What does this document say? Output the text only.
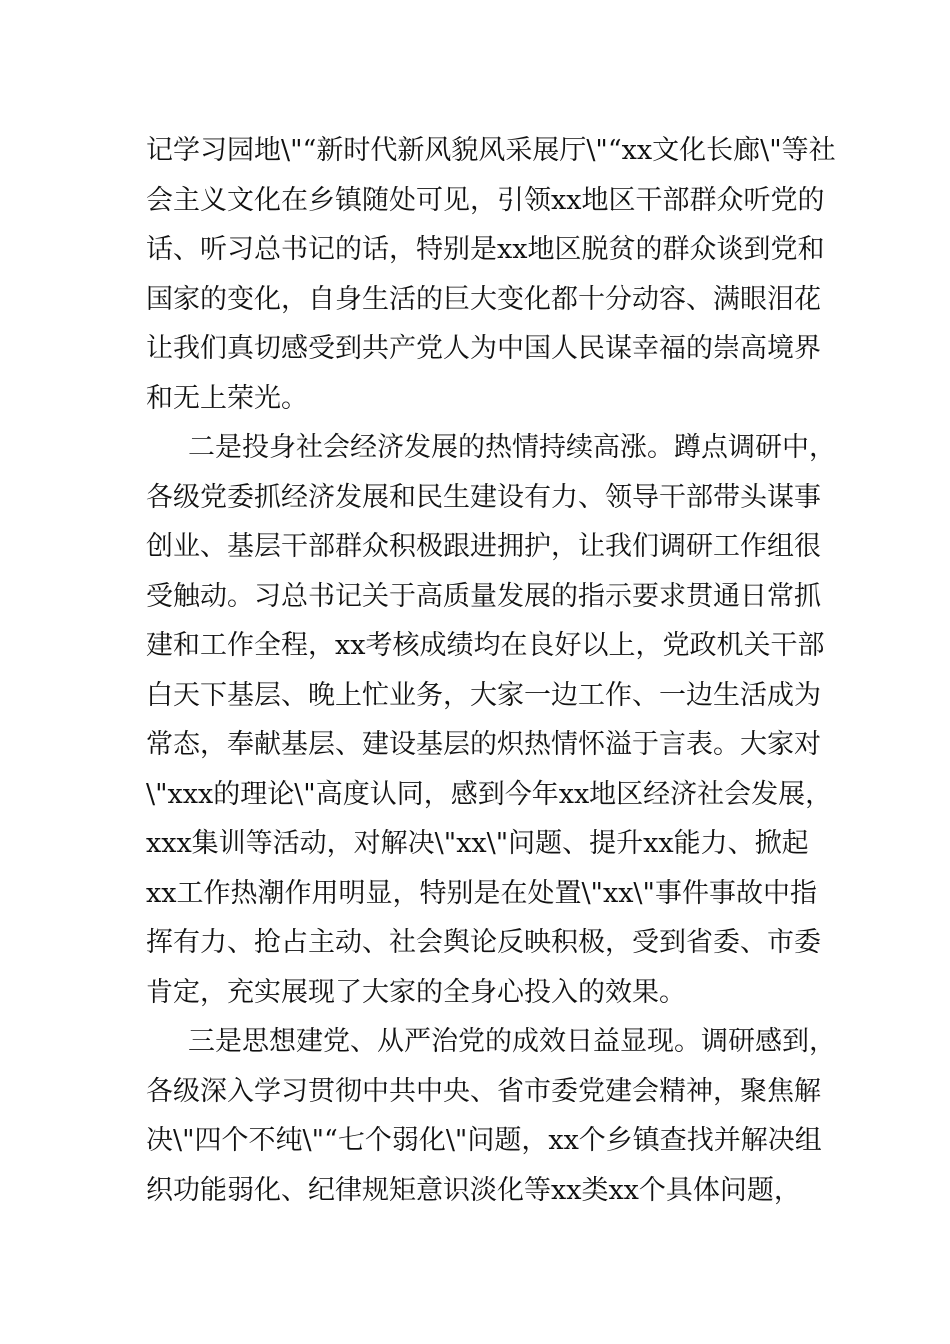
记学习园地\"“新时代新风貌风采展厅\"“xx文化长廊\"等社
会主义文化在乡镇随处可见，引领xx地区干部群众听党的
话、听习总书记的话，特别是xx地区脱贫的群众谈到党和
国家的变化，自身生活的巨大变化都十分动容、满眼泪花
让我们真切感受到共产党人为中国人民谋幸福的崇高境界
和无上荣光。
二是投身社会经济发展的热情持续高涨。蹲点调研中，
各级党委抓经济发展和民生建设有力、领导干部带头谋事
创业、基层干部群众积极跟进拥护，让我们调研工作组很
受触动。习总书记关于高质量发展的指示要求贯通日常抓
建和工作全程，xx考核成绩均在良好以上，党政机关干部
白天下基层、晚上忙业务，大家一边工作、一边生活成为
常态，奉献基层、建设基层的炽热情怀溢于言表。大家对
\"xxx的理论\"高度认同，感到今年xx地区经济社会发展，
xxx集训等活动，对解决\"xx\"问题、提升xx能力、掀起
xx工作热潮作用明显，特别是在处置\"xx\"事件事故中指
挥有力、抢占主动、社会舆论反映积极，受到省委、市委
肯定，充实展现了大家的全身心投入的效果。
三是思想建党、从严治党的成效日益显现。调研感到，
各级深入学习贯彻中共中央、省市委党建会精神，聚焦解
决\"四个不纯\"“七个弱化\"问题，xx个乡镇查找并解决组
织功能弱化、纪律规矩意识淡化等xx类xx个具体问题，
